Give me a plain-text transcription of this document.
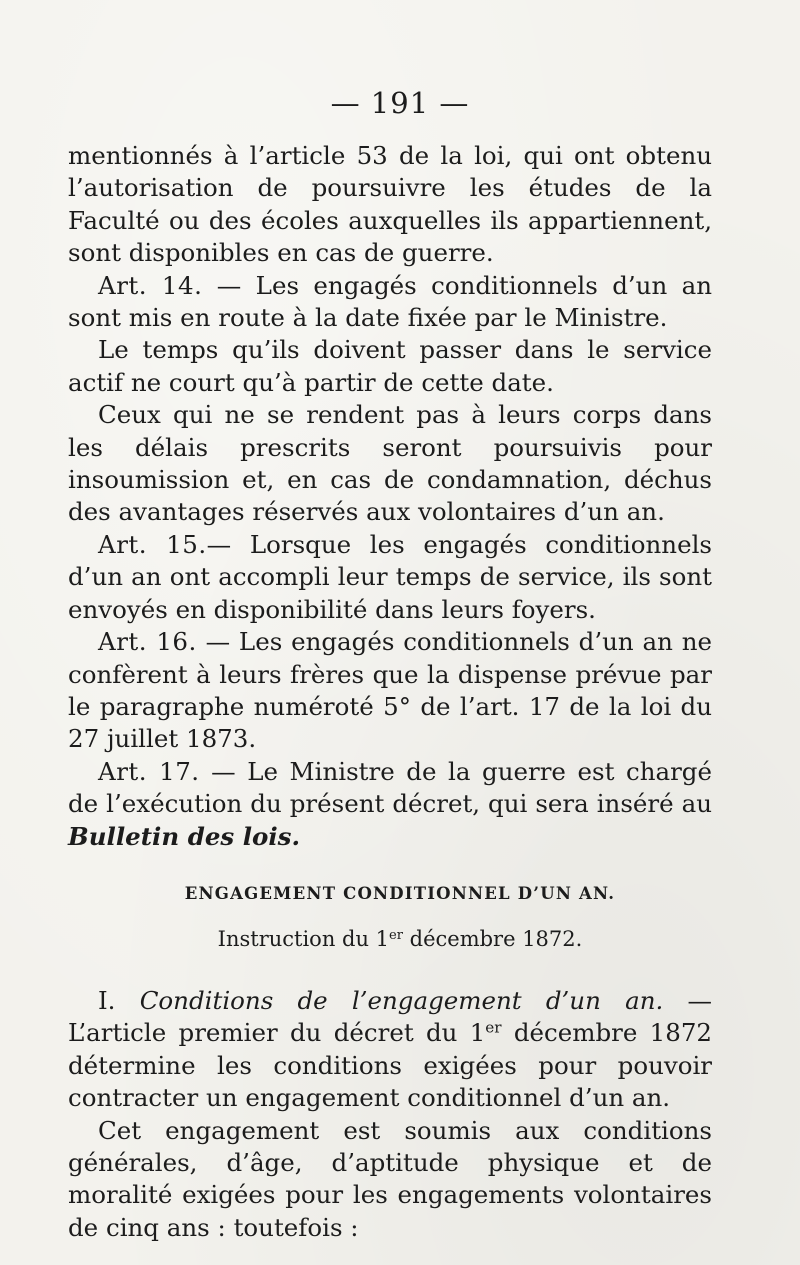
— 191 —

mentionnés à l’article 53 de la loi, qui ont obtenu l’autorisation de poursuivre les études de la Faculté ou des écoles auxquelles ils appartiennent, sont disponibles en cas de guerre.

Art. 14. — Les engagés conditionnels d’un an sont mis en route à la date fixée par le Ministre.

Le temps qu’ils doivent passer dans le service actif ne court qu’à partir de cette date.

Ceux qui ne se rendent pas à leurs corps dans les délais prescrits seront poursuivis pour insoumission et, en cas de condamnation, déchus des avantages réservés aux volontaires d’un an.

Art. 15.— Lorsque les engagés conditionnels d’un an ont accompli leur temps de service, ils sont envoyés en disponibilité dans leurs foyers.

Art. 16. — Les engagés conditionnels d’un an ne confèrent à leurs frères que la dispense prévue par le paragraphe numéroté 5° de l’art. 17 de la loi du 27 juillet 1873.

Art. 17. — Le Ministre de la guerre est chargé de l’exécution du présent décret, qui sera inséré au Bulletin des lois.

ENGAGEMENT CONDITIONNEL D’UN AN.
Instruction du 1er décembre 1872.

I. Conditions de l’engagement d’un an. — L’article premier du décret du 1er décembre 1872 détermine les conditions exigées pour pouvoir contracter un engagement conditionnel d’un an.

Cet engagement est soumis aux conditions générales, d’âge, d’aptitude physique et de moralité exigées pour les engagements volontaires de cinq ans : toutefois :
